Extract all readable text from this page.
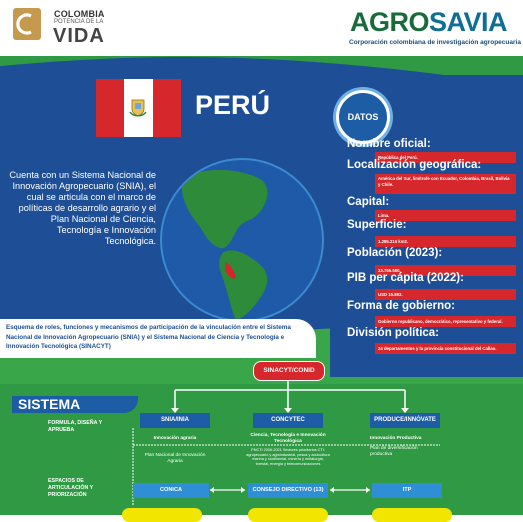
COLOMBIA
POTENCIA DE LA
VIDA	AGROSAVIA
Corporación colombiana de investigación agropecuaria
PERÚ	DATOS
Nombre oficial:
República del Perú.
Localización geográfica:
América del Sur, limítrofe con Ecuador, Colombia, Brasil, Bolivia y Chile.
Capital:
Lima.
Superficie:
1.285.216 km2.
Población (2023):
33.765.580.
PIB per cápita (2022):
USD 15.893.
Forma de gobierno:
Gobierno republicano, democrático, representativo y federal.
División política:
24 departamentos y la provincia constitucional del Callao.
Cuenta con un Sistema Nacional de Innovación Agropecuario (SNIA), el cual se articula con el marco de políticas de desarrollo agrario y el Plan Nacional de Ciencia, Tecnología e Innovación Tecnológica.
Esquema de roles, funciones y mecanismos de participación de la vinculación entre el Sistema Nacional de Innovación Agropecuario (SNIA) y el Sistema Nacional de Ciencia y Tecnología e Innovación Tecnológica (SINACYT)
SINACYT/CONID
SISTEMA
FORMULA, DISEÑA Y APRUEBA
ESPACIOS DE ARTICULACIÓN Y PRIORIZACIÓN
SNIA/INIA	CONCYTEC	PRODUCE/INNÓVATE
Innovación agraria
Plan Nacional de Innovación Agraria
Ciencia, Tecnología e Innovación Tecnológica
PNCTI 2006-2021 Sectores prioritarios CTI: agropecuario y agroindustrial, pesca y acuicultura marina y continental, minería y metalurgia, forestal, energía y telecomunicaciones
Innovación Productiva
Plan de diversificación productiva
CONICA	CONSEJO DIRECTIVO (13)	ITP
